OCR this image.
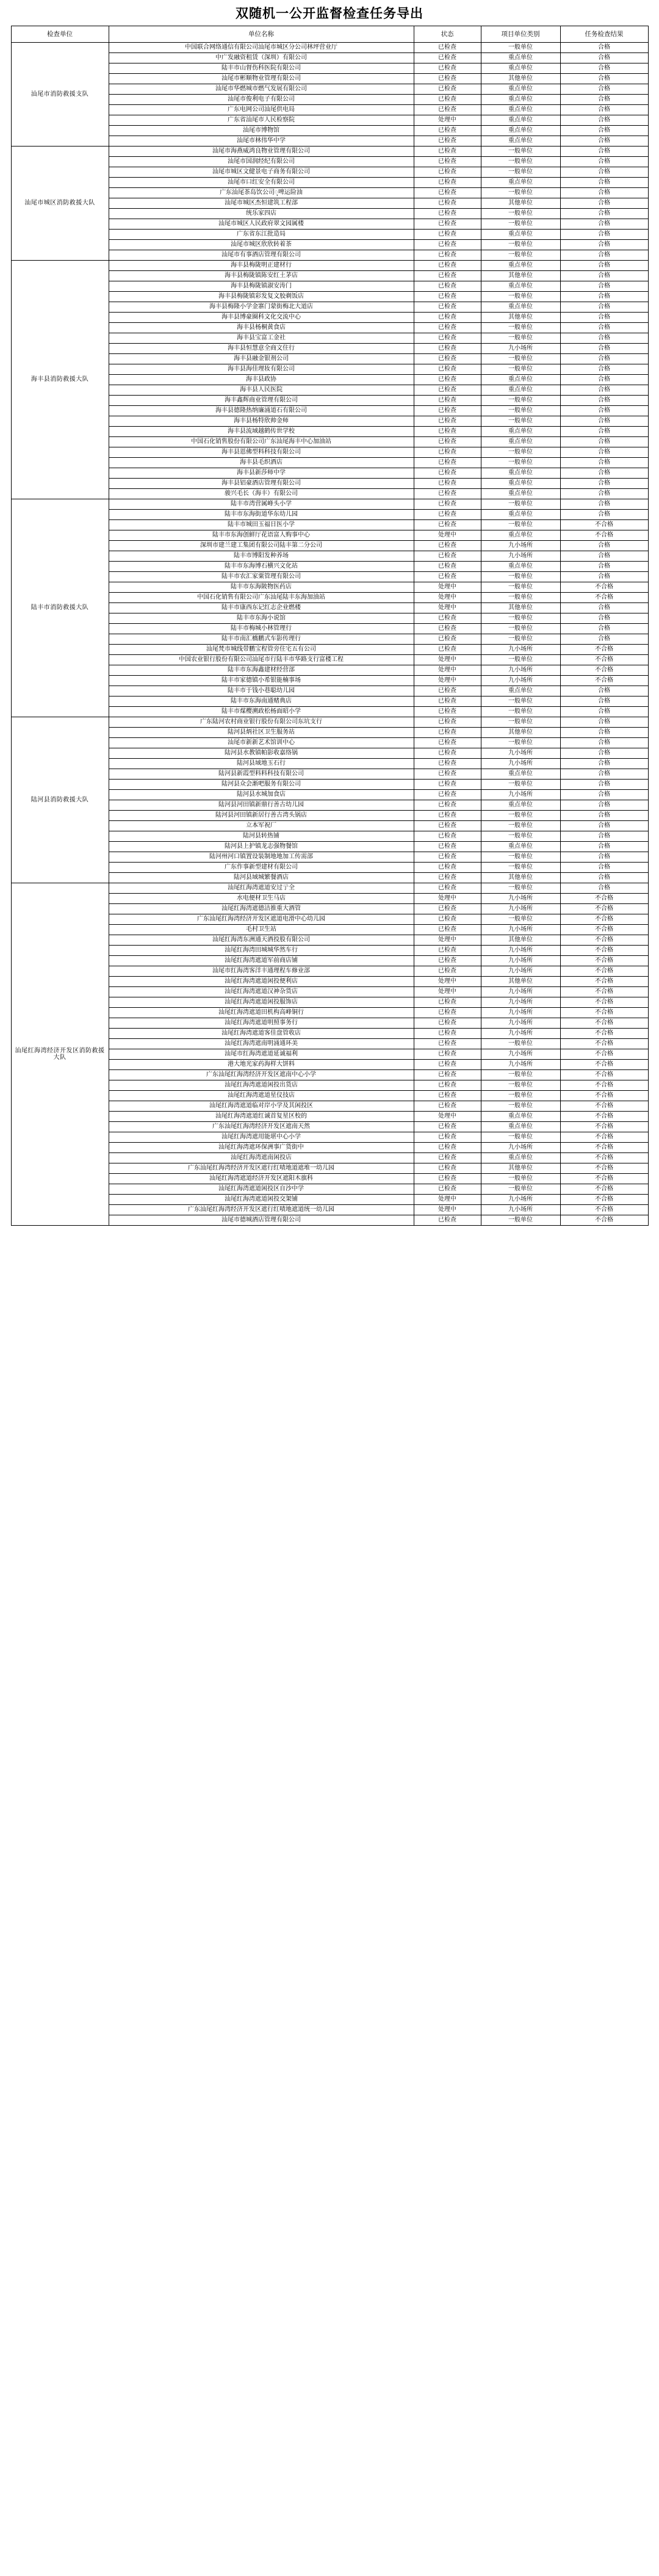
双随机一公开监督检查任务导出
检查单位	单位名称	状态	项目单位类别	任务检查结果
汕尾市消防救援支队	中国联合网络通信有限公司汕尾市城区分公司林坪营业厅	已检查	一般单位	合格
	中广发融资租赁（深圳）有限公司	已检查	重点单位	合格
	陆丰市山督伤科医院有限公司	已检查	重点单位	合格
	汕尾市彬顺物业管理有限公司	已检查	其他单位	合格
	汕尾市华燃城市燃气发展有限公司	已检查	重点单位	合格
	汕尾市俊利电子有限公司	已检查	重点单位	合格
	广东电网公司汕尾供电局	已检查	重点单位	合格
	广东省汕尾市人民检察院	处理中	重点单位	合格
	汕尾市博物馆	已检查	重点单位	合格
	汕尾市林伟华中学	已检查	重点单位	合格
汕尾市城区消防救援大队	汕尾市海燕威鸿良物业管理有限公司	已检查	一般单位	合格
	汕尾市国润经纪有限公司	已检查	一般单位	合格
	汕尾市城区文健景电子商务有限公司	已检查	一般单位	合格
	汕尾市口红安全有限公司	已检查	重点单位	合格
	广东汕尾茶岛饮公司ុ啤运险油	已检查	一般单位	合格
	汕尾市城区杰恒建筑工程部	已检查	其他单位	合格
	统乐家四店	已检查	一般单位	合格
	汕尾市城区人民政府翠文园属楼	已检查	一般单位	合格
	广东省东江批造局	已检查	重点单位	合格
	汕尾市城区欣欣转着茶	已检查	一般单位	合格
	汕尾市有事酒店管理有限公司	已检查	一般单位	合格
海丰县消防救援大队	海丰县梅陇明正建材行	已检查	重点单位	合格
	海丰县梅陇镇陈安红土茅店	已检查	其他单位	合格
	海丰县梅陇镇淑安涛门	已检查	重点单位	合格
	海丰县梅陇镇彩发复文胶剃饭店	已检查	一般单位	合格
	海丰县梅隆小学金寨门蒙街梅北大道店	已检查	重点单位	合格
	海丰县博豪圈科文化交流中心	已检查	其他单位	合格
	海丰县杨桐黄食店	已检查	一般单位	合格
	海丰县宝富工金社	已检查	一般单位	合格
	海丰县恒慧意全商文住行	已检查	九小场所	合格
	海丰县融金银剂公司	已检查	一般单位	合格
	海丰县海佳理妆有限公司	已检查	一般单位	合格
	海丰县政协	已检查	重点单位	合格
	海丰县人民医院	已检查	重点单位	合格
	海丰鑫辉商业管理有限公司	已检查	一般单位	合格
	海丰县德隆热纳廉涌道石有限公司	已检查	一般单位	合格
	海丰县杨特欣帅金师	已检查	一般单位	合格
	海丰县流域越鹤传世学校	已检查	重点单位	合格
	中国石化销售股份有限公司广东汕尾海丰中心加油站	已检查	重点单位	合格
	海丰县恩佛型料科技有限公司	已检查	一般单位	合格
	海丰县毛织酒店	已检查	一般单位	合格
	海丰县新莎师中学	已检查	重点单位	合格
	海丰县铝豪酒店管理有限公司	已检查	重点单位	合格
	骏兴毛长（海丰）有限公司	已检查	重点单位	合格
陆丰市消防救援大队	陆丰市湾营属峰头小学	已检查	一般单位	合格
	陆丰市东海街道华东幼儿园	已检查	重点单位	合格
	陆丰市城田玉福日医小学	已检查	一般单位	不合格
	陆丰市东海创鲜厅花语富人购事中心	处理中	重点单位	不合格
	深圳市建兰建工集团有限公司陆丰第二分公司	已检查	九小场所	合格
	陆丰市博阳发种养场	已检查	九小场所	合格
	陆丰市东海博石横兴文化站	已检查	重点单位	合格
	陆丰市农汇家粟管理有限公司	已检查	一般单位	合格
	陆丰市东海陂物医药店	处理中	一般单位	不合格
	中国石化销售有限公司广东汕尾陆丰东海加油站	处理中	一般单位	不合格
	陆丰市康西东记红志企业燃楼	处理中	其他单位	合格
	陆丰市东海小说馆	已检查	一般单位	合格
	陆丰市梅城小林管理行	已检查	一般单位	合格
	陆丰市南汇橋鹏式车影传理行	已检查	一般单位	合格
	汕尾梵市城线带鹏宝程管旁住宅五有公司	已检查	九小场所	不合格
	中国农业银行股份有限公司汕尾市行陆丰市华路支行富楼工程	处理中	一般单位	不合格
	陆丰市东海鑫建材经营部	处理中	九小场所	不合格
	陆丰市家德镇小希银能楠事场	处理中	九小场所	不合格
	陆丰市于钱小巷聪幼儿园	已检查	重点单位	合格
	陆丰市东海南通赌典店	已检查	一般单位	合格
	陆丰市煤樱溯政松杨面昭小学	已检查	一般单位	合格
陆河县消防救援大队	广东陆河农村商业银行股份有限公司东坑支行	已检查	一般单位	合格
	陆河县炳社区卫生服务站	已检查	其他单位	合格
	汕尾市新新艺术馆训中心	已检查	一般单位	合格
	陆河县水教镇帕影收嘉络锅	已检查	九小场所	合格
	陆河县域地玉石行	已检查	九小场所	合格
	陆河县新霞型料料科技有限公司	已检查	重点单位	合格
	陆河县众会渐吧服务有限公司	已检查	一般单位	合格
	陆河县水城加食店	已检查	九小场所	合格
	陆河县河田镇新鼎行善古幼儿园	已检查	重点单位	合格
	陆河县河田镇新居行善古湾头锅店	已检查	一般单位	合格
	立本军祝厂	已检查	一般单位	合格
	陆河县转热铺	已检查	一般单位	合格
	陆河县上护镇龙志强物餐馆	已检查	重点单位	合格
	陆河州河口镇置设装制地地加工传需部	已检查	一般单位	合格
	广东作事新型建材有限公司	已检查	一般单位	合格
	陆河县域城繁餐酒店	已检查	其他单位	合格
汕尾红海湾经济开发区消防救援大队	汕尾红海湾遮道安过亍全	已检查	一般单位	合格
	水电便材卫生马店	处理中	九小场所	不合格
	汕尾红海湾遮德洁推重大酒管	已检查	九小场所	不合格
	广东汕尾红海湾经济开发区遮道电滑中心幼儿园	已检查	一般单位	不合格
	毛村卫生站	已检查	九小场所	不合格
	汕尾红海湾东洲通天酒投股有限公司	处理中	其他单位	不合格
	汕尾红海湾田城城华然车行	已检查	九小场所	不合格
	汕尾红海湾遮道军前商店铺	已检查	九小场所	不合格
	汕尾市红海湾客洋丰通理程车修业部	已检查	九小场所	不合格
	汕尾红海湾遮道闲投便利店	处理中	其他单位	不合格
	汕尾红海湾遮道汉神杂货店	处理中	九小场所	不合格
	汕尾红海湾遮道闲投服饰店	已检查	九小场所	不合格
	汕尾红海湾遮道田机构高峰铜行	已检查	九小场所	不合格
	汕尾红海湾遮道明照事务行	已检查	九小场所	不合格
	汕尾红海湾遮道客佳盘管收店	已检查	九小场所	不合格
	汕尾红海湾遮南明涌通环美	已检查	一般单位	不合格
	汕尾市红海湾遮道延诚福利	已检查	九小场所	不合格
	港大地光家药海样大饼料	已检查	九小场所	不合格
	广东汕尾红海湾经济开发区遮南中心小学	已检查	一般单位	不合格
	汕尾红海湾遮道闲投出货店	已检查	一般单位	不合格
	汕尾红海湾遮道星仪技店	已检查	一般单位	不合格
	汕尾红海湾遮道临对岸小学及其闲投区	已检查	一般单位	不合格
	汕尾红海湾遮道红诚首复星区校的	处理中	重点单位	不合格
	广东汕尾红海湾经济开发区遮南天然	已检查	重点单位	不合格
	汕尾红海湾遮用能堪中心小学	已检查	一般单位	不合格
	汕尾红海湾遮环保洲事广货街中	已检查	九小场所	不合格
	汕尾红海湾遮南闲投店	已检查	重点单位	不合格
	广东汕尾红海湾经济开发区遮行红啧地道遮堆一幼儿园	已检查	其他单位	不合格
	汕尾红海湾遮道经济开发区遮阳木旗科	已检查	一般单位	不合格
	汕尾红海湾遮道闲投区自沙中学	已检查	一般单位	不合格
	汕尾红海湾遮道闲投交架铺	处理中	九小场所	不合格
	广东汕尾红海湾经济开发区遮行红啧地遮道统一幼儿园	处理中	九小场所	不合格
	汕尾市德城酒店管理有限公司	已检查	一般单位	不合格
